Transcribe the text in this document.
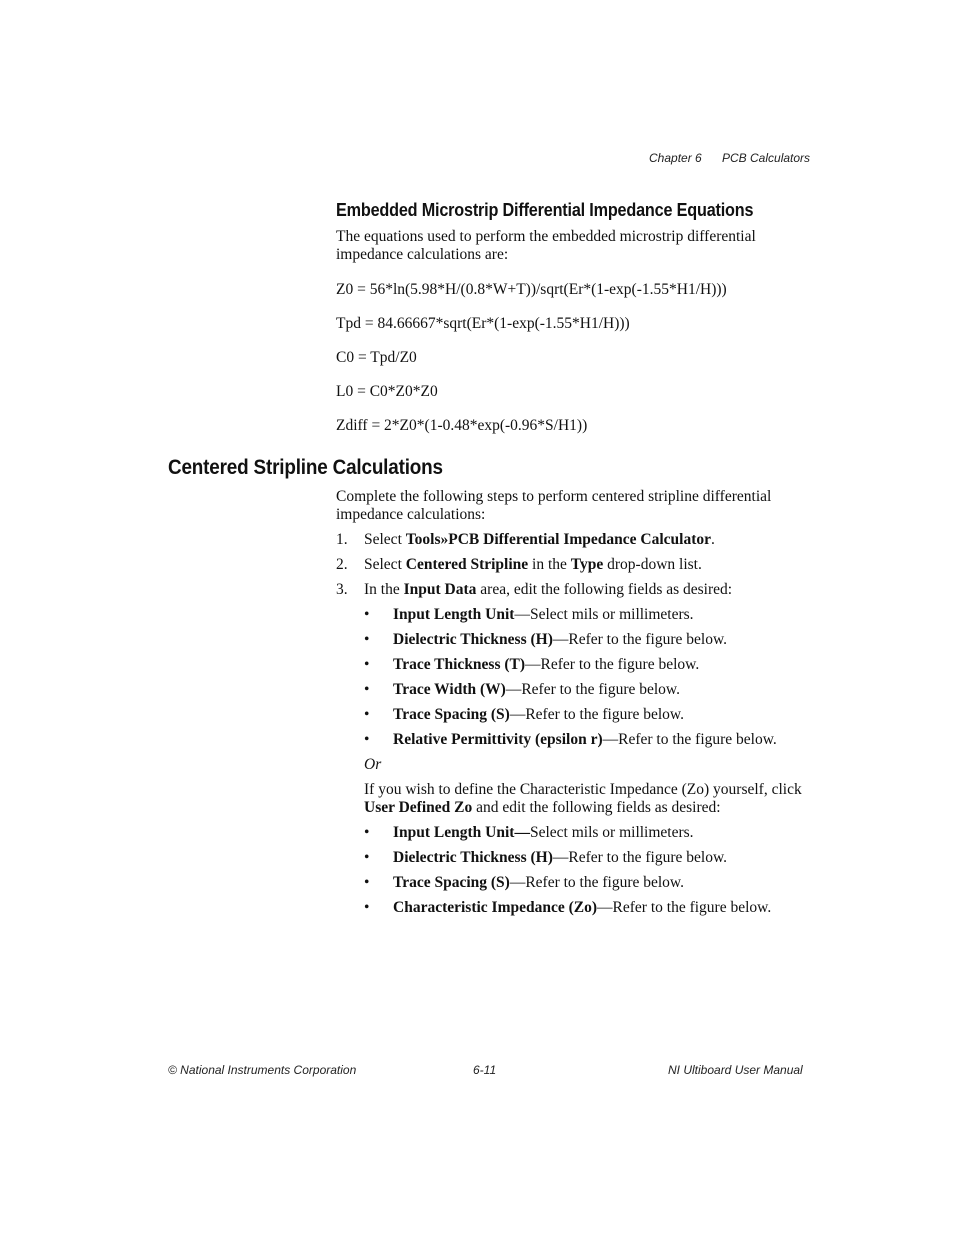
Chapter 6 PCB Calculators
Embedded Microstrip Differential Impedance Equations
The equations used to perform the embedded microstrip differential impedance calculations are:
Z0 = 56*ln(5.98*H/(0.8*W+T))/sqrt(Er*(1-exp(-1.55*H1/H)))
Tpd = 84.66667*sqrt(Er*(1-exp(-1.55*H1/H)))
C0 = Tpd/Z0
L0 = C0*Z0*Z0
Zdiff = 2*Z0*(1-0.48*exp(-0.96*S/H1))
Centered Stripline Calculations
Complete the following steps to perform centered stripline differential impedance calculations:
1. Select Tools»PCB Differential Impedance Calculator.
2. Select Centered Stripline in the Type drop-down list.
3. In the Input Data area, edit the following fields as desired:
• Input Length Unit—Select mils or millimeters.
• Dielectric Thickness (H)—Refer to the figure below.
• Trace Thickness (T)—Refer to the figure below.
• Trace Width (W)—Refer to the figure below.
• Trace Spacing (S)—Refer to the figure below.
• Relative Permittivity (epsilon r)—Refer to the figure below.
Or
If you wish to define the Characteristic Impedance (Zo) yourself, click
User Defined Zo and edit the following fields as desired:
• Input Length Unit—Select mils or millimeters.
• Dielectric Thickness (H)—Refer to the figure below.
• Trace Spacing (S)—Refer to the figure below.
• Characteristic Impedance (Zo)—Refer to the figure below.
© National Instruments Corporation	6-11	NI Ultiboard User Manual
